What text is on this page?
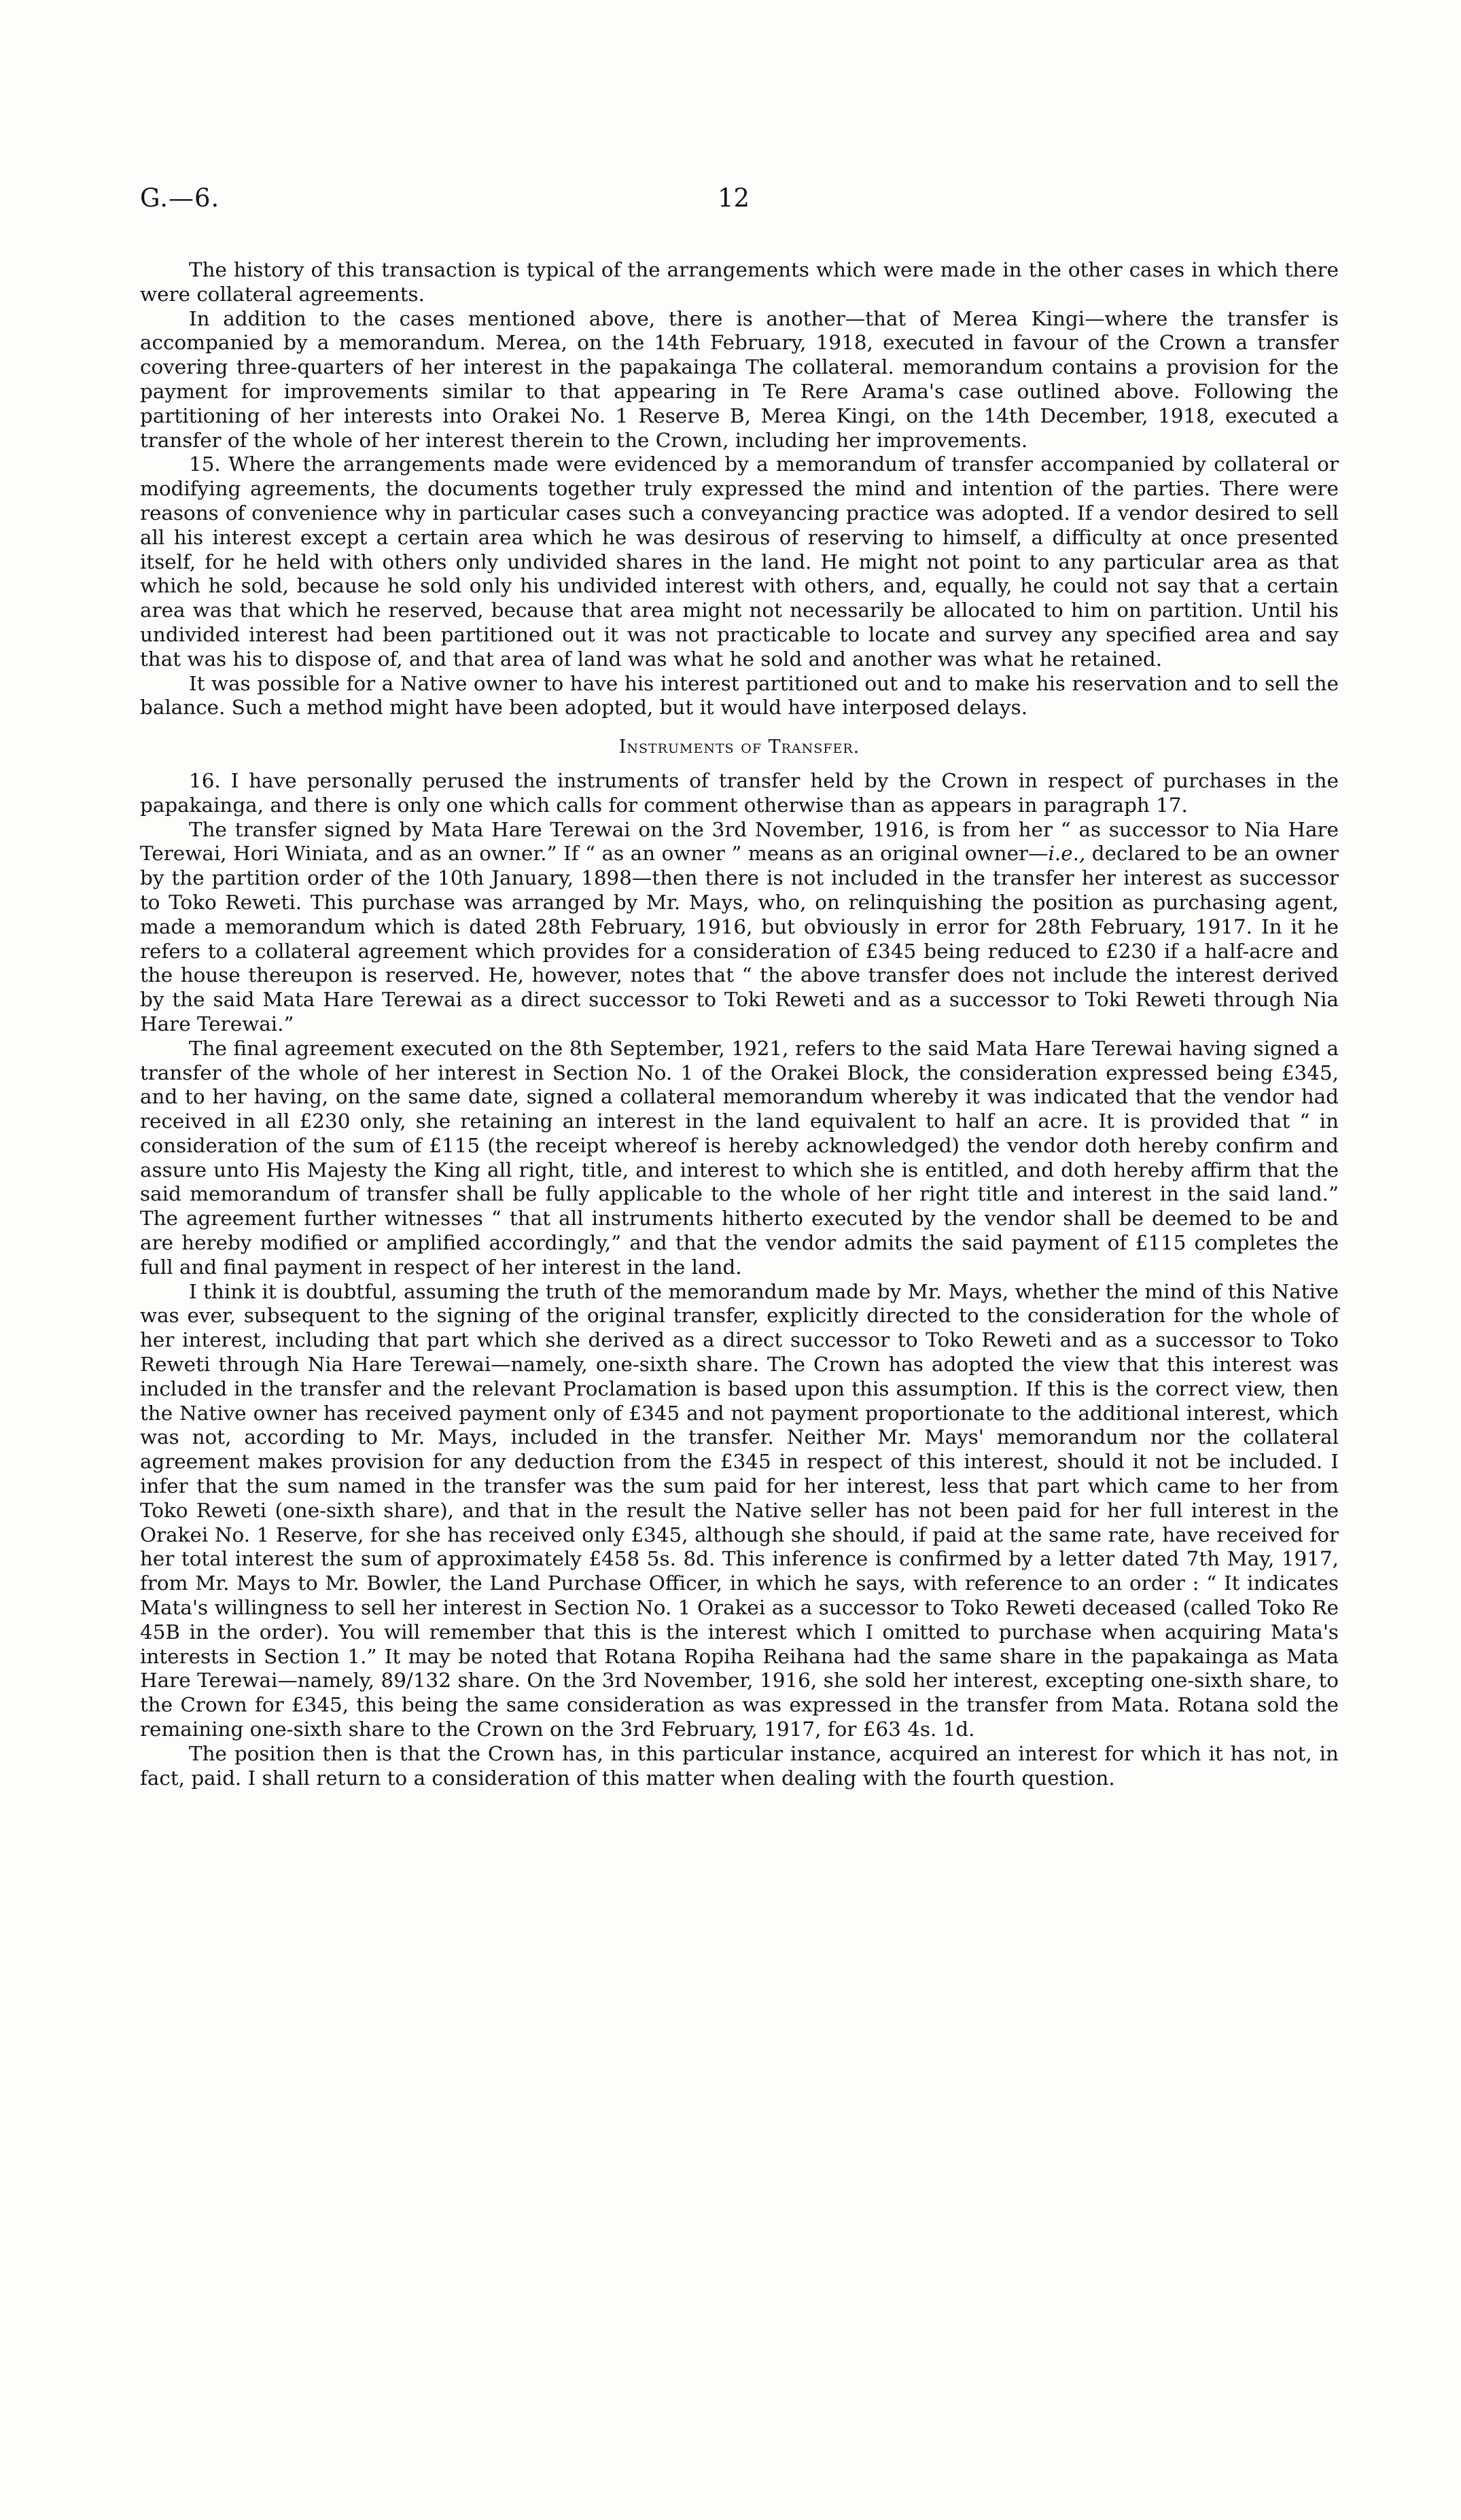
G.—6.	12

The history of this transaction is typical of the arrangements which were made in the other cases in which there were collateral agreements.

In addition to the cases mentioned above, there is another—that of Merea Kingi—where the transfer is accompanied by a memorandum. Merea, on the 14th February, 1918, executed in favour of the Crown a transfer covering three-quarters of her interest in the papakainga The collateral. memorandum contains a provision for the payment for improvements similar to that appearing in Te Rere Arama's case outlined above. Following the partitioning of her interests into Orakei No. 1 Reserve B, Merea Kingi, on the 14th December, 1918, executed a transfer of the whole of her interest therein to the Crown, including her improvements.

15. Where the arrangements made were evidenced by a memorandum of transfer accompanied by collateral or modifying agreements, the documents together truly expressed the mind and intention of the parties. There were reasons of convenience why in particular cases such a conveyancing practice was adopted. If a vendor desired to sell all his interest except a certain area which he was desirous of reserving to himself, a difficulty at once presented itself, for he held with others only undivided shares in the land. He might not point to any particular area as that which he sold, because he sold only his undivided interest with others, and, equally, he could not say that a certain area was that which he reserved, because that area might not necessarily be allocated to him on partition. Until his undivided interest had been partitioned out it was not practicable to locate and survey any specified area and say that was his to dispose of, and that area of land was what he sold and another was what he retained.

It was possible for a Native owner to have his interest partitioned out and to make his reservation and to sell the balance. Such a method might have been adopted, but it would have interposed delays.

Instruments of Transfer.

16. I have personally perused the instruments of transfer held by the Crown in respect of purchases in the papakainga, and there is only one which calls for comment otherwise than as appears in paragraph 17.

The transfer signed by Mata Hare Terewai on the 3rd November, 1916, is from her “ as successor to Nia Hare Terewai, Hori Winiata, and as an owner.” If “ as an owner ” means as an original owner—i.e., declared to be an owner by the partition order of the 10th January, 1898—then there is not included in the transfer her interest as successor to Toko Reweti. This purchase was arranged by Mr. Mays, who, on relinquishing the position as purchasing agent, made a memorandum which is dated 28th February, 1916, but obviously in error for 28th February, 1917. In it he refers to a collateral agreement which provides for a consideration of £345 being reduced to £230 if a half-acre and the house thereupon is reserved. He, however, notes that “ the above transfer does not include the interest derived by the said Mata Hare Terewai as a direct successor to Toki Reweti and as a successor to Toki Reweti through Nia Hare Terewai.”

The final agreement executed on the 8th September, 1921, refers to the said Mata Hare Terewai having signed a transfer of the whole of her interest in Section No. 1 of the Orakei Block, the consideration expressed being £345, and to her having, on the same date, signed a collateral memorandum whereby it was indicated that the vendor had received in all £230 only, she retaining an interest in the land equivalent to half an acre. It is provided that “ in consideration of the sum of £115 (the receipt whereof is hereby acknowledged) the vendor doth hereby confirm and assure unto His Majesty the King all right, title, and interest to which she is entitled, and doth hereby affirm that the said memorandum of transfer shall be fully applicable to the whole of her right title and interest in the said land.” The agreement further witnesses “ that all instruments hitherto executed by the vendor shall be deemed to be and are hereby modified or amplified accordingly,” and that the vendor admits the said payment of £115 completes the full and final payment in respect of her interest in the land.

I think it is doubtful, assuming the truth of the memorandum made by Mr. Mays, whether the mind of this Native was ever, subsequent to the signing of the original transfer, explicitly directed to the consideration for the whole of her interest, including that part which she derived as a direct successor to Toko Reweti and as a successor to Toko Reweti through Nia Hare Terewai—namely, one-sixth share. The Crown has adopted the view that this interest was included in the transfer and the relevant Proclamation is based upon this assumption. If this is the correct view, then the Native owner has received payment only of £345 and not payment proportionate to the additional interest, which was not, according to Mr. Mays, included in the transfer. Neither Mr. Mays' memorandum nor the collateral agreement makes provision for any deduction from the £345 in respect of this interest, should it not be included. I infer that the sum named in the transfer was the sum paid for her interest, less that part which came to her from Toko Reweti (one-sixth share), and that in the result the Native seller has not been paid for her full interest in the Orakei No. 1 Reserve, for she has received only £345, although she should, if paid at the same rate, have received for her total interest the sum of approximately £458 5s. 8d. This inference is confirmed by a letter dated 7th May, 1917, from Mr. Mays to Mr. Bowler, the Land Purchase Officer, in which he says, with reference to an order : “ It indicates Mata's willingness to sell her interest in Section No. 1 Orakei as a successor to Toko Reweti deceased (called Toko Re 45B in the order). You will remember that this is the interest which I omitted to purchase when acquiring Mata's interests in Section 1.” It may be noted that Rotana Ropiha Reihana had the same share in the papakainga as Mata Hare Terewai—namely, 89/132 share. On the 3rd November, 1916, she sold her interest, excepting one-sixth share, to the Crown for £345, this being the same consideration as was expressed in the transfer from Mata. Rotana sold the remaining one-sixth share to the Crown on the 3rd February, 1917, for £63 4s. 1d.

The position then is that the Crown has, in this particular instance, acquired an interest for which it has not, in fact, paid. I shall return to a consideration of this matter when dealing with the fourth question.
